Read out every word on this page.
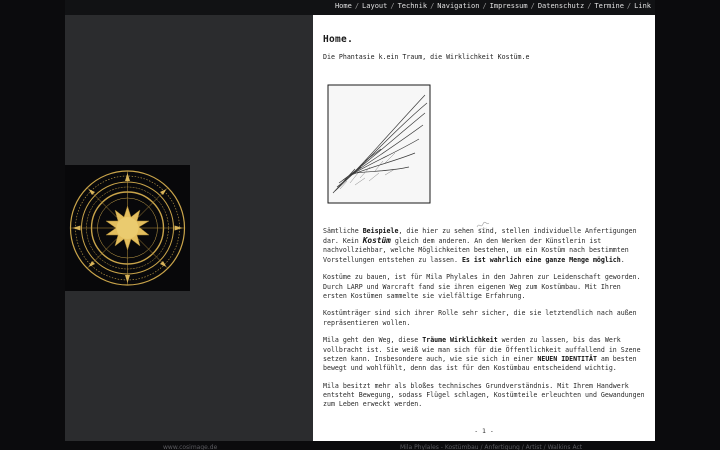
Home / Layout / Technik / Navigation / Impressum / Datenschutz / Termine / Link
Home.
Die Phantasie k.ein Traum, die Wirklichkeit Kostüm.e

Sämtliche Beispiele, die hier zu sehen sind, stellen individuelle Anfertigungen dar. Kein Kostüm gleich dem anderen. An den Werken der Künstlerin ist nachvollziehbar, welche Möglichkeiten bestehen, um ein Kostüm nach bestimmten Vorstellungen entstehen zu lassen. Es ist wahrlich eine ganze Menge möglich.

Kostüme zu bauen, ist für Mila Phylales in den Jahren zur Leidenschaft geworden. Durch LARP und Warcraft fand sie ihren eigenen Weg zum Kostümbau. Mit Ihren ersten Kostümen sammelte sie vielfältige Erfahrung.

Kostümträger sind sich ihrer Rolle sehr sicher, die sie letztendlich nach außen repräsentieren wollen.

Mila geht den Weg, diese Träume Wirklichkeit werden zu lassen, bis das Werk vollbracht ist. Sie weiß wie man sich für die Öffentlichkeit auffallend in Szene setzen kann. Insbesondere auch, wie sie sich in einer NEUEN IDENTITÄT am besten bewegt und wohlfühlt, denn das ist für den Kostümbau entscheidend wichtig.

Mila besitzt mehr als bloßes technisches Grundverständnis. Mit Ihrem Handwerk entsteht Bewegung, sodass Flügel schlagen, Kostümteile erleuchten und Gewandungen zum Leben erweckt werden.

- 1 -
www.cosimage.de	Mila Phylales - Kostümbau / Anfertigung / Artist / Walkins Act
